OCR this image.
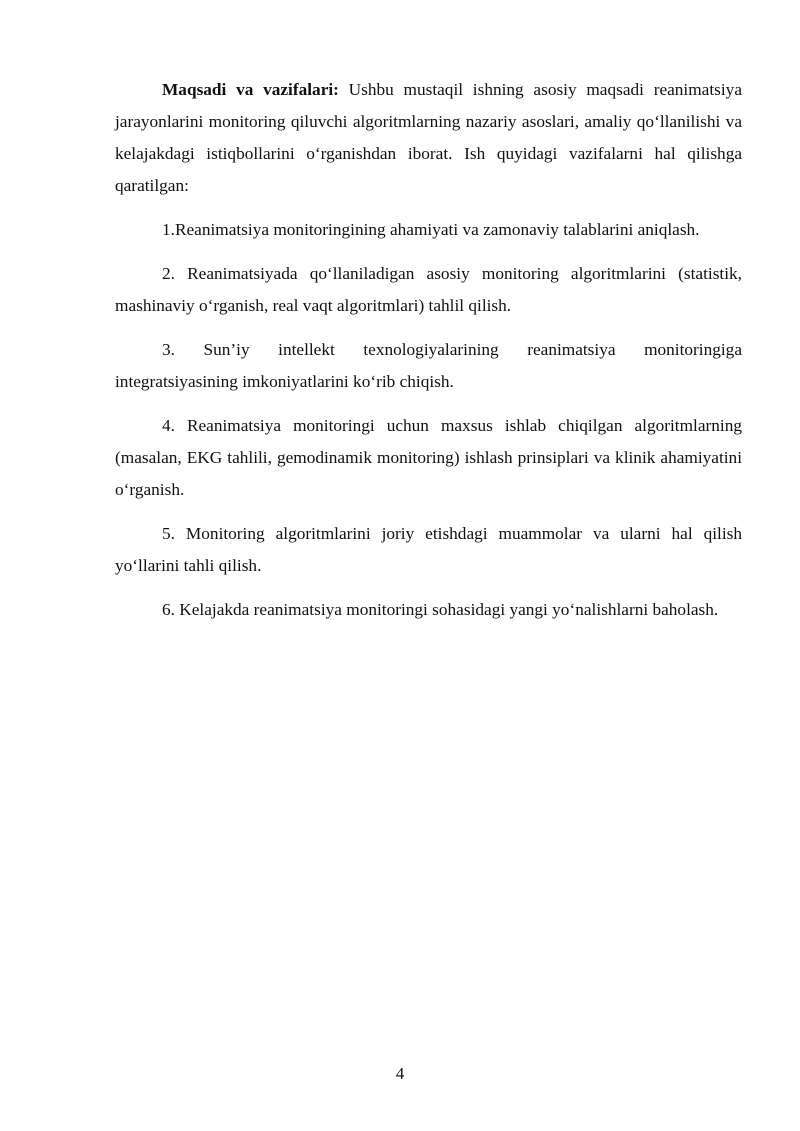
Maqsadi va vazifalari: Ushbu mustaqil ishning asosiy maqsadi reanimatsiya jarayonlarini monitoring qiluvchi algoritmlarning nazariy asoslari, amaliy qo‘llanilishi va kelajakdagi istiqbollarini o‘rganishdan iborat. Ish quyidagi vazifalarni hal qilishga qaratilgan:

1.Reanimatsiya monitoringining ahamiyati va zamonaviy talablarini aniqlash.

2. Reanimatsiyada qo‘llaniladigan asosiy monitoring algoritmlarini (statistik, mashinaviy o‘rganish, real vaqt algoritmlari) tahlil qilish.

3. Sun’iy intellekt texnologiyalarining reanimatsiya monitoringiga integratsiyasining imkoniyatlarini ko‘rib chiqish.

4. Reanimatsiya monitoringi uchun maxsus ishlab chiqilgan algoritmlarning (masalan, EKG tahlili, gemodinamik monitoring) ishlash prinsiplari va klinik ahamiyatini o‘rganish.

5. Monitoring algoritmlarini joriy etishdagi muammolar va ularni hal qilish yo‘llarini tahli qilish.

6. Kelajakda reanimatsiya monitoringi sohasidagi yangi yo‘nalishlarni baholash.

4
